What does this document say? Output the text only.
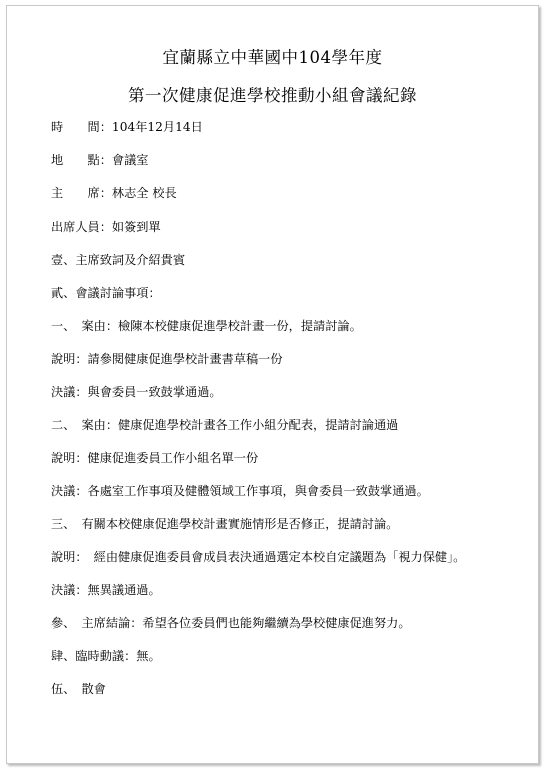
宜蘭縣立中華國中104學年度
第一次健康促進學校推動小組會議紀錄
時　　間：104年12月14日
地　　點：會議室
主　　席：林志全 校長
出席人員：如簽到單
壹、主席致詞及介紹貴賓
貳、會議討論事項：
一、　案由：檢陳本校健康促進學校計畫一份，提請討論。
說明：請參閱健康促進學校計畫書草稿一份
決議：與會委員一致鼓掌通過。
二、　案由：健康促進學校計畫各工作小組分配表，提請討論通過
說明：健康促進委員工作小組名單一份
決議：各處室工作事項及健體領域工作事項，與會委員一致鼓掌通過。
三、　有關本校健康促進學校計畫實施情形是否修正，提請討論。
說明：　經由健康促進委員會成員表決通過選定本校自定議題為「視力保健」。
決議：無異議通過。
參、　主席結論：希望各位委員們也能夠繼續為學校健康促進努力。
肆、臨時動議：無。
伍、　散會
